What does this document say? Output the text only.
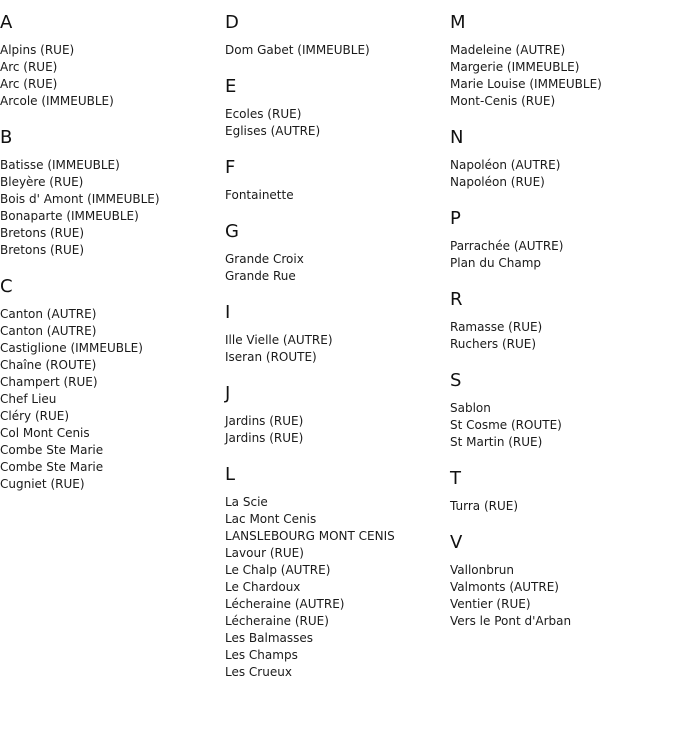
A
Alpins (RUE)
Arc (RUE)
Arc (RUE)
Arcole (IMMEUBLE)
B
Batisse (IMMEUBLE)
Bleyère (RUE)
Bois d' Amont (IMMEUBLE)
Bonaparte (IMMEUBLE)
Bretons (RUE)
Bretons (RUE)
C
Canton (AUTRE)
Canton (AUTRE)
Castiglione (IMMEUBLE)
Chaîne (ROUTE)
Champert (RUE)
Chef Lieu
Cléry (RUE)
Col Mont Cenis
Combe Ste Marie
Combe Ste Marie
Cugniet (RUE)
D
Dom Gabet (IMMEUBLE)
E
Ecoles (RUE)
Eglises (AUTRE)
F
Fontainette
G
Grande Croix
Grande Rue
I
Ille Vielle (AUTRE)
Iseran (ROUTE)
J
Jardins (RUE)
Jardins (RUE)
L
La Scie
Lac Mont Cenis
LANSLEBOURG MONT CENIS
Lavour (RUE)
Le Chalp (AUTRE)
Le Chardoux
Lécheraine (AUTRE)
Lécheraine (RUE)
Les Balmasses
Les Champs
Les Crueux
M
Madeleine (AUTRE)
Margerie (IMMEUBLE)
Marie Louise (IMMEUBLE)
Mont-Cenis (RUE)
N
Napoléon (AUTRE)
Napoléon (RUE)
P
Parrachée (AUTRE)
Plan du Champ
R
Ramasse (RUE)
Ruchers (RUE)
S
Sablon
St Cosme (ROUTE)
St Martin (RUE)
T
Turra (RUE)
V
Vallonbrun
Valmonts (AUTRE)
Ventier (RUE)
Vers le Pont d'Arban
